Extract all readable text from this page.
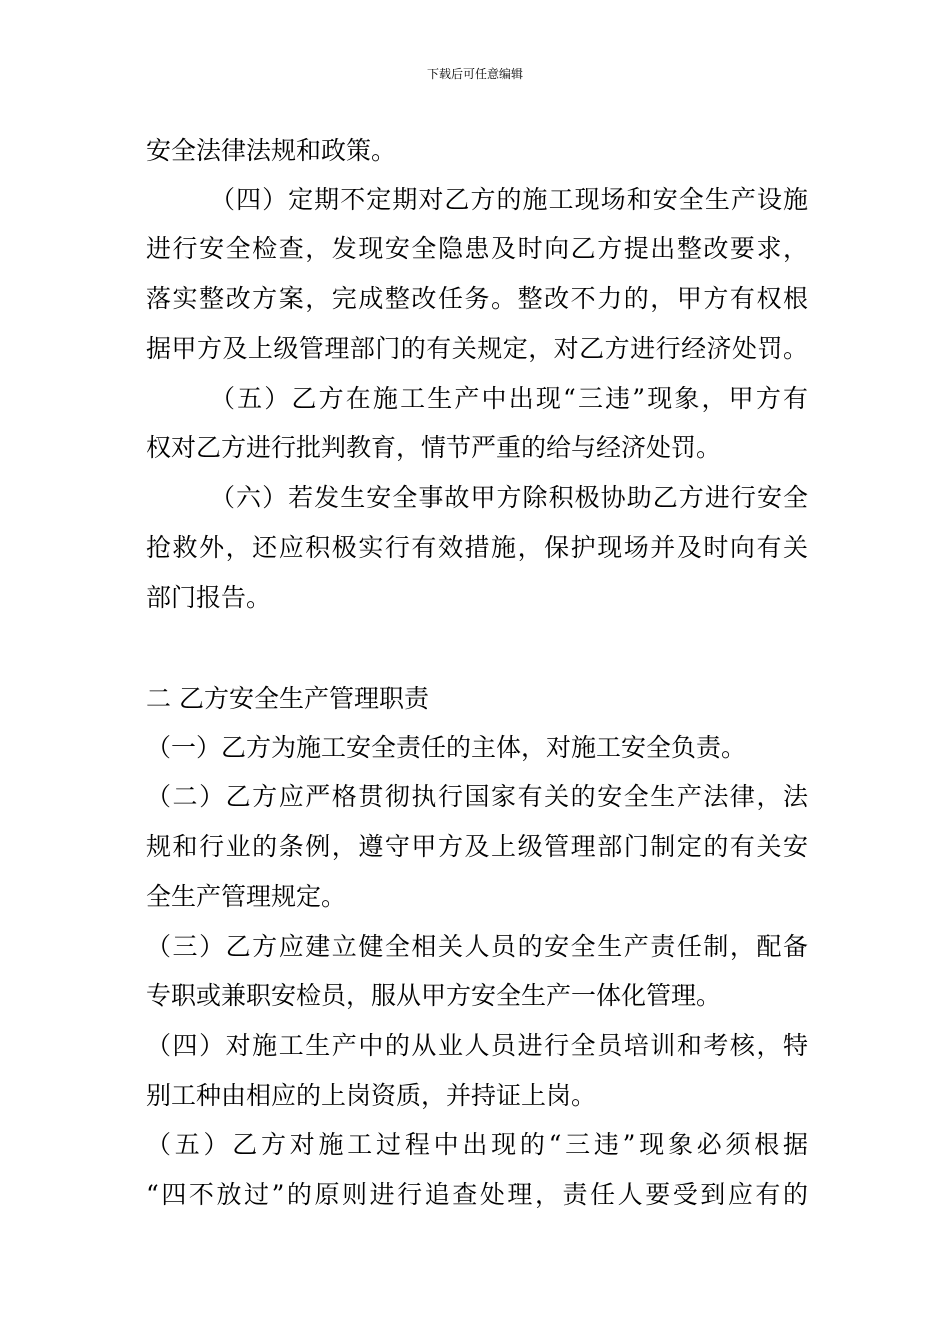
下载后可任意编辑
安全法律法规和政策。
（四）定期不定期对乙方的施工现场和安全生产设施
进行安全检查，发现安全隐患及时向乙方提出整改要求，
落实整改方案，完成整改任务。整改不力的，甲方有权根
据甲方及上级管理部门的有关规定，对乙方进行经济处罚。
（五）乙方在施工生产中出现“三违”现象，甲方有
权对乙方进行批判教育，情节严重的给与经济处罚。
（六）若发生安全事故甲方除积极协助乙方进行安全
抢救外，还应积极实行有效措施，保护现场并及时向有关
部门报告。
二 乙方安全生产管理职责
（一）乙方为施工安全责任的主体，对施工安全负责。
（二）乙方应严格贯彻执行国家有关的安全生产法律，法
规和行业的条例，遵守甲方及上级管理部门制定的有关安
全生产管理规定。
（三）乙方应建立健全相关人员的安全生产责任制，配备
专职或兼职安检员，服从甲方安全生产一体化管理。
（四）对施工生产中的从业人员进行全员培训和考核，特
别工种由相应的上岗资质，并持证上岗。
（五）乙方对施工过程中出现的“三违”现象必须根据
“四不放过”的原则进行追查处理，责任人要受到应有的
